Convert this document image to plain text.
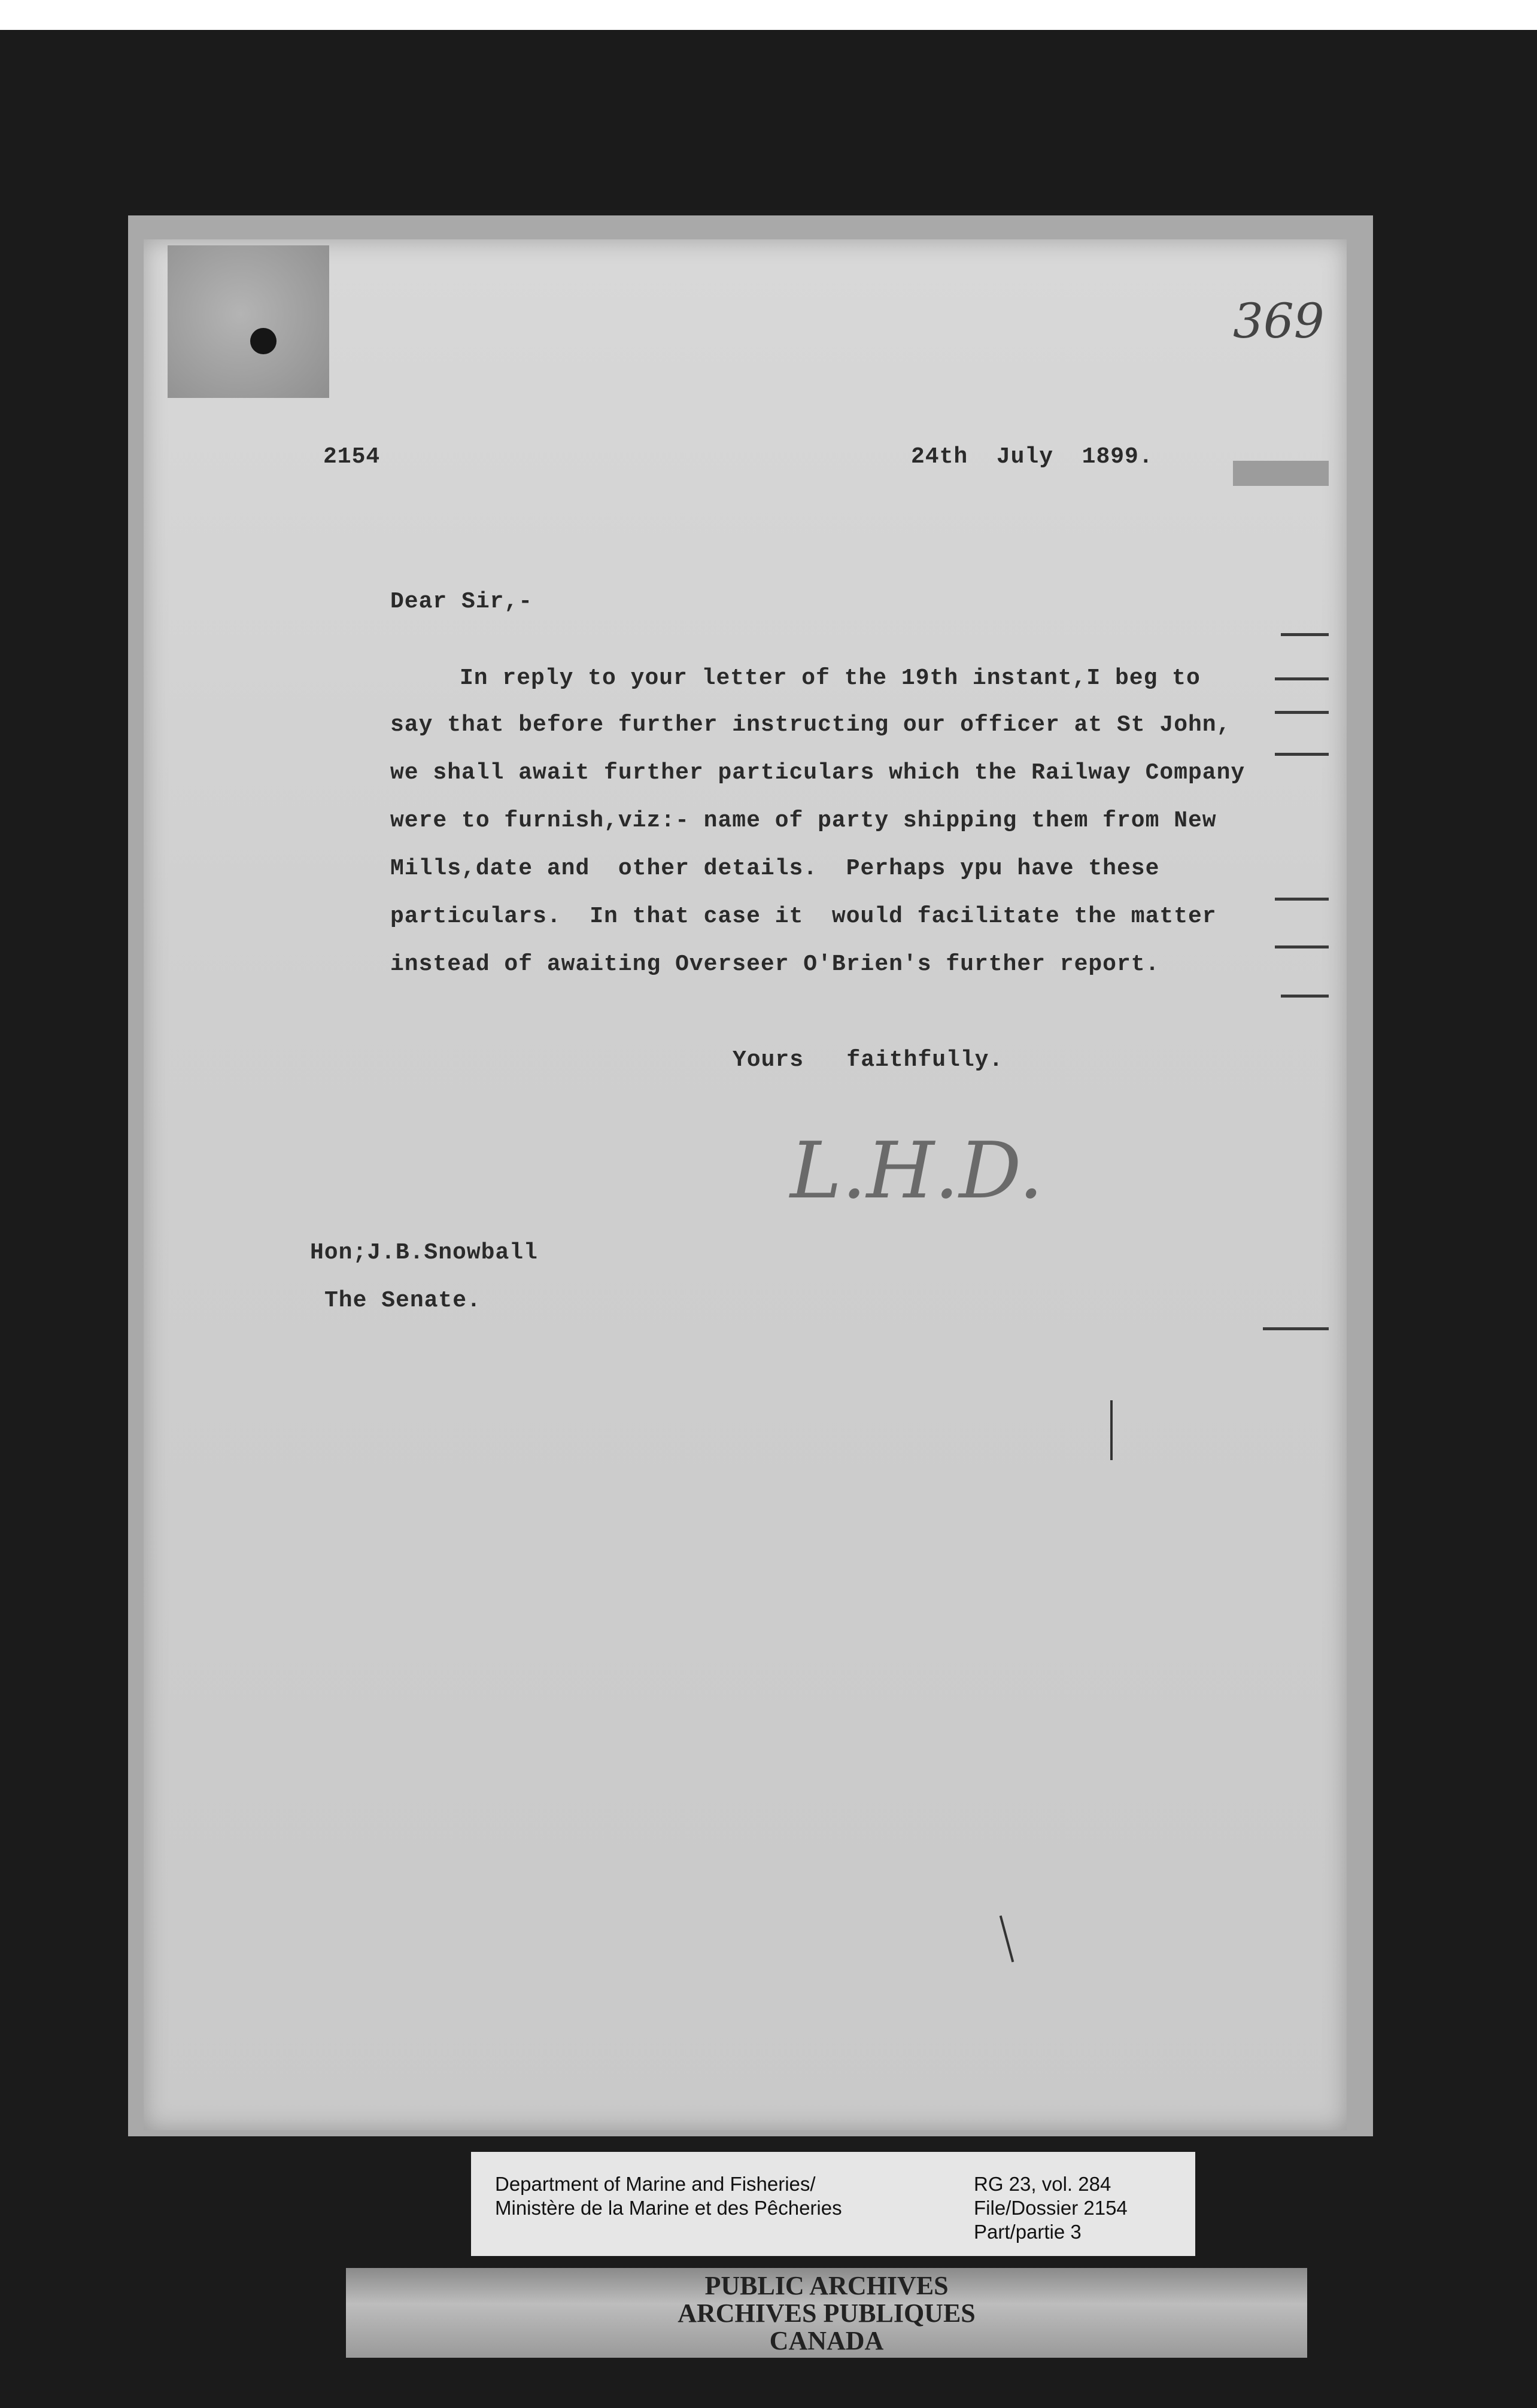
369
2154	24th  July  1899.
Dear Sir,-
In reply to your letter of the 19th instant,I beg to
say that before further instructing our officer at St John,
we shall await further particulars which the Railway Company
were to furnish,viz:- name of party shipping them from New
Mills,date and  other details.  Perhaps ypu have these
particulars.  In that case it  would facilitate the matter
instead of awaiting Overseer O'Brien's further report.
Yours   faithfully.
L.H.D.
Hon;J.B.Snowball
The Senate.
Department of Marine and Fisheries/
Ministère de la Marine et des Pêcheries
RG 23, vol. 284
File/Dossier 2154
Part/partie 3
PUBLIC ARCHIVES
ARCHIVES PUBLIQUES
CANADA
